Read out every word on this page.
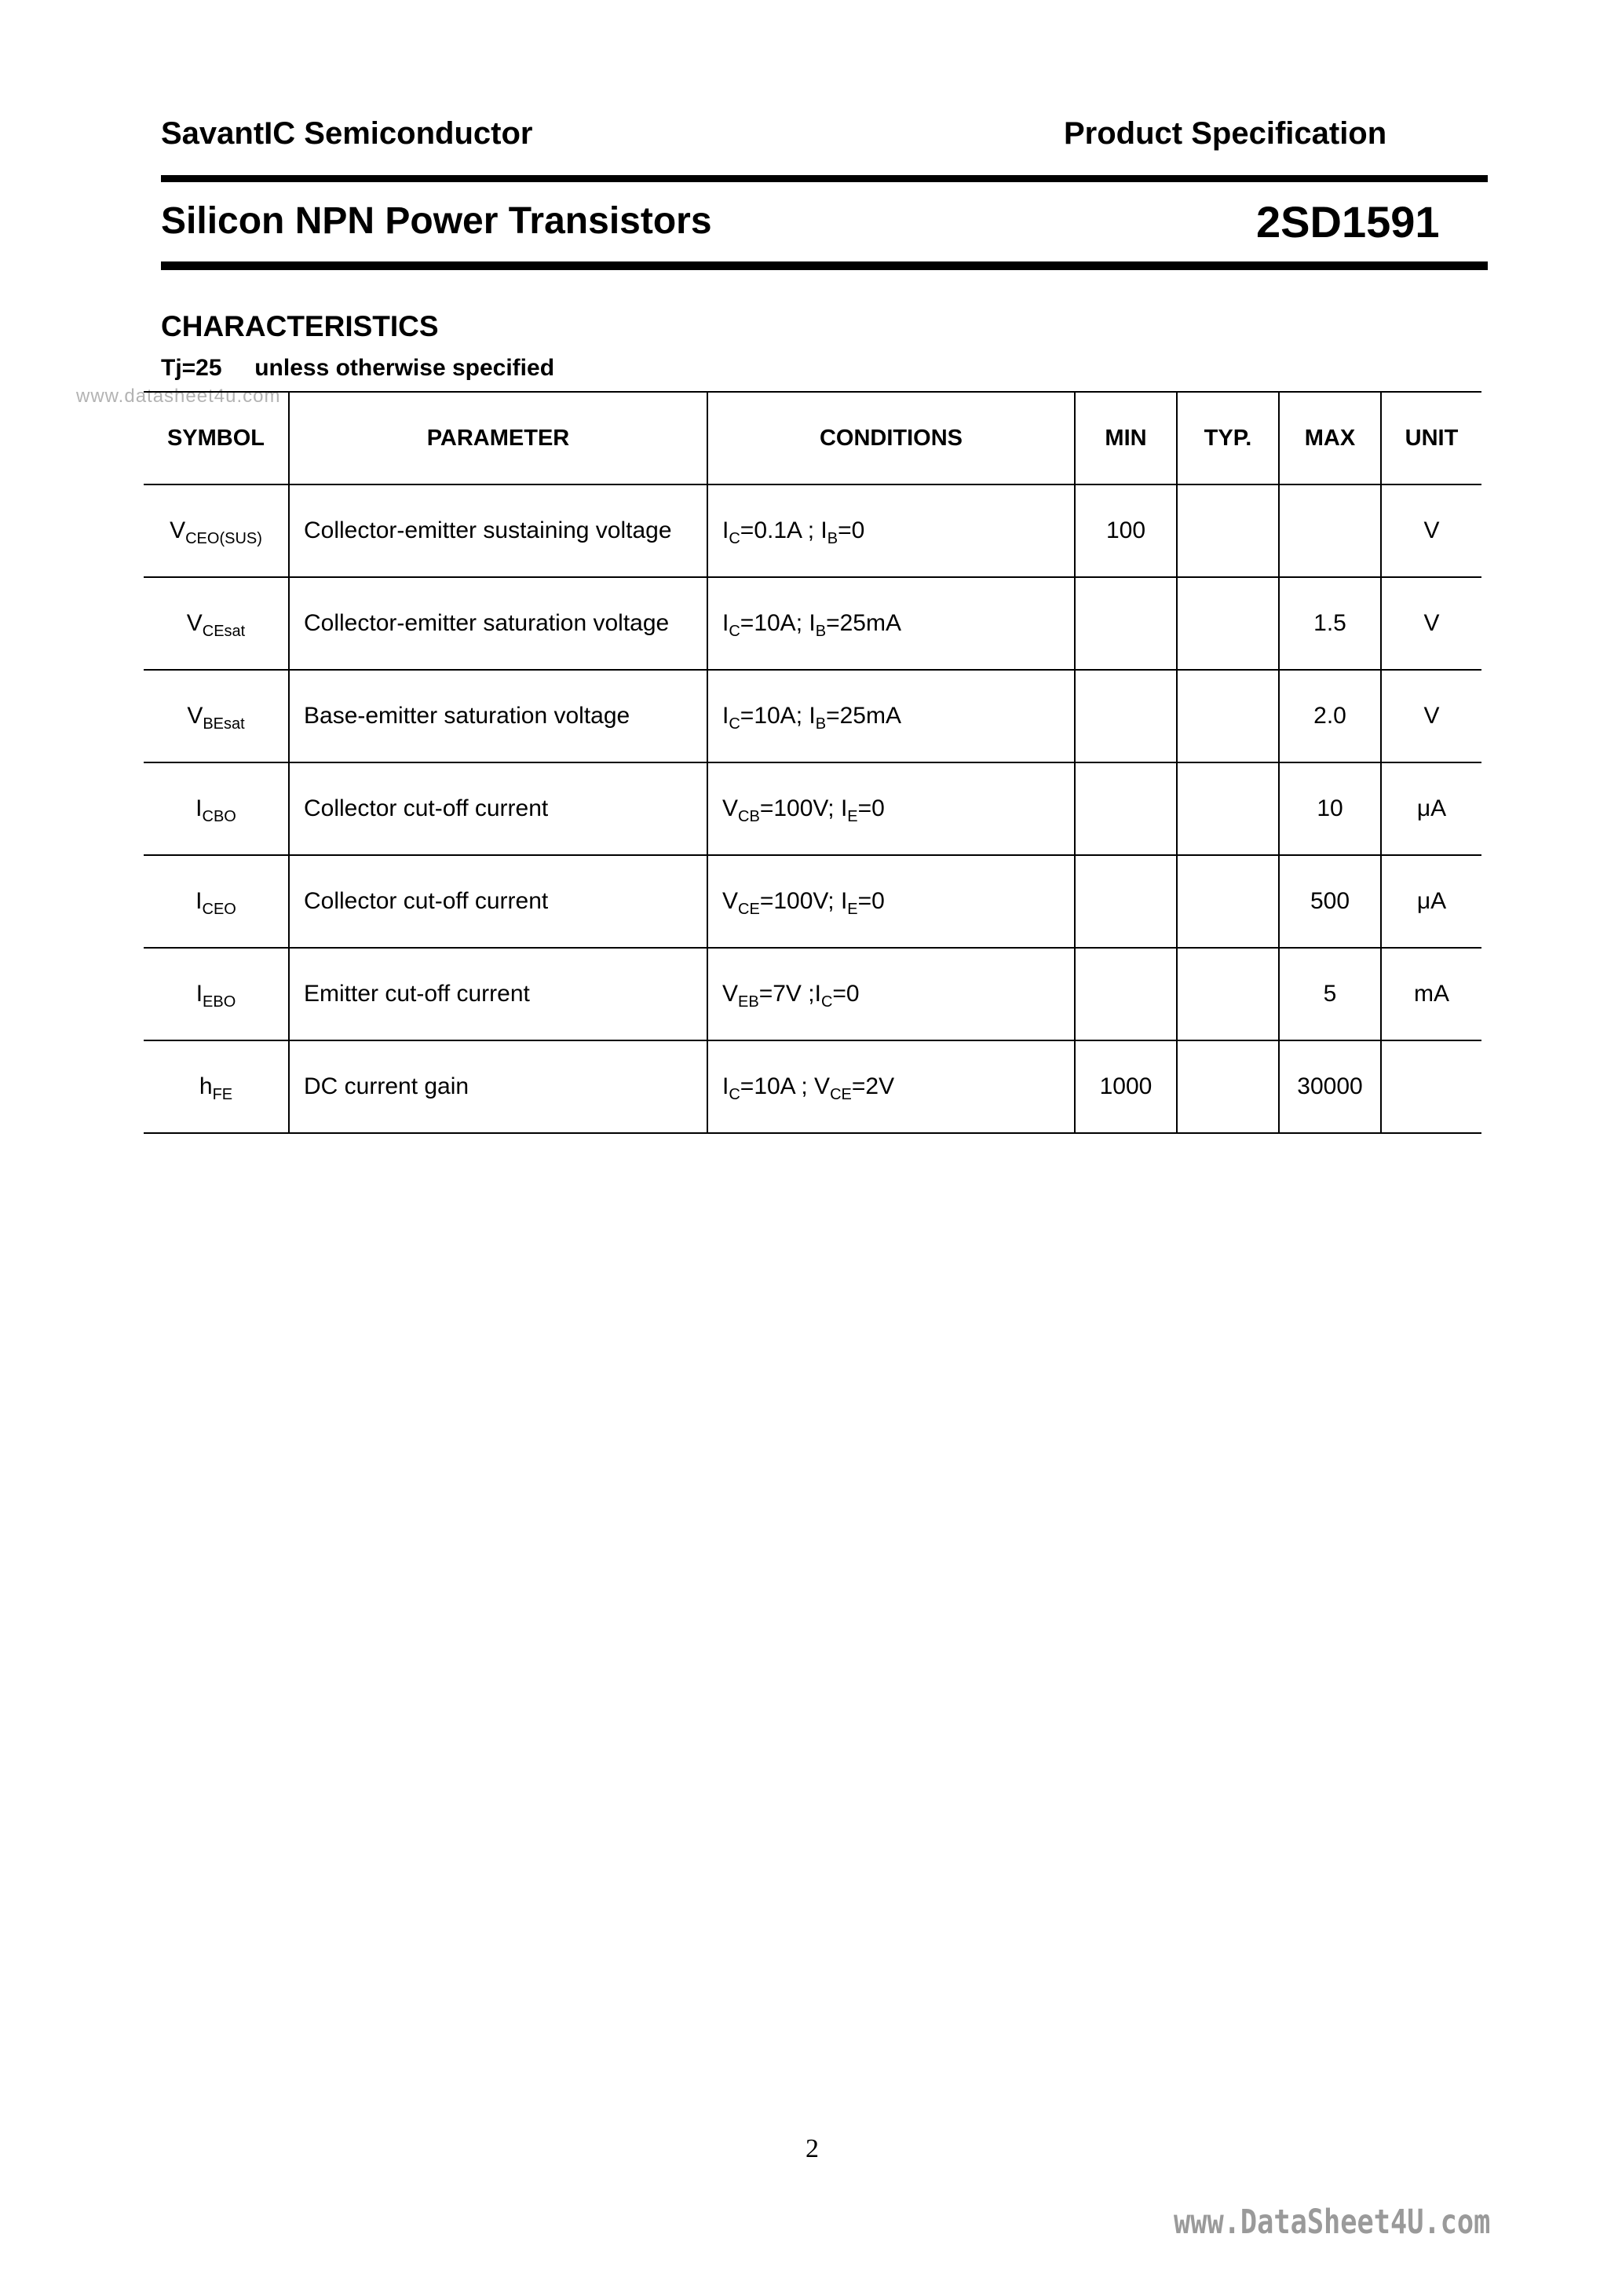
SavantIC Semiconductor	Product Specification
Silicon NPN Power Transistors	2SD1591
CHARACTERISTICS
Tj=25     unless otherwise specified
www.datasheet4u.com
SYMBOL	PARAMETER	CONDITIONS	MIN	TYP.	MAX	UNIT
$V_{CEO(SUS)}$	Collector-emitter sustaining voltage	$I_C=0.1A$ ; $I_B=0$	100			V
$V_{CEsat}$	Collector-emitter saturation voltage	$I_C=10A$; $I_B=25mA$			1.5	V
$V_{BEsat}$	Base-emitter saturation voltage	$I_C=10A$; $I_B=25mA$			2.0	V
$I_{CBO}$	Collector cut-off current	$V_{CB}=100V$; $I_E=0$			10	μA
$I_{CEO}$	Collector cut-off current	$V_{CE}=100V$; $I_E=0$			500	μA
$I_{EBO}$	Emitter cut-off current	$V_{EB}=7V$ $;I_C=0$			5	mA
$h_{FE}$	DC current gain	$I_C=10A$ ; $V_{CE}=2V$	1000		30000	
2
www.DataSheet4U.com
